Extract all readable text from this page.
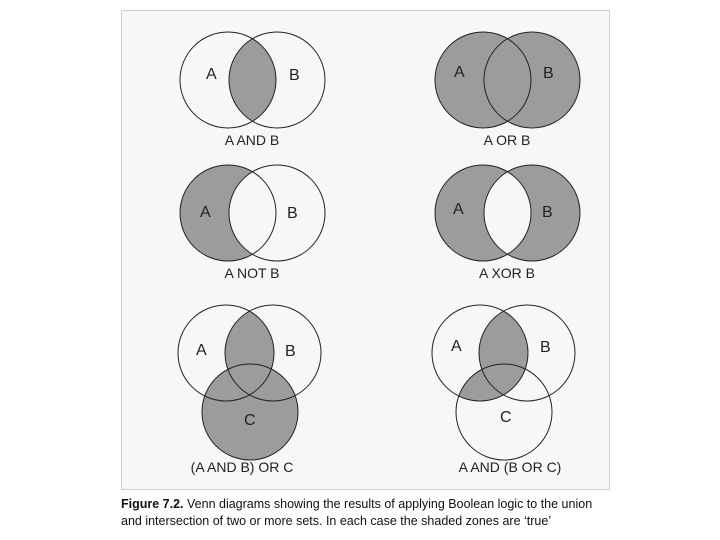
A	B
A NOT B
A	B
A XOR B
A	B
C
(A AND B) OR C
A	B
C
A AND (B OR C)
Figure 7.2. Venn diagrams showing the results of applying Boolean logic to the union and intersection of two or more sets. In each case the shaded zones are ‘true’
